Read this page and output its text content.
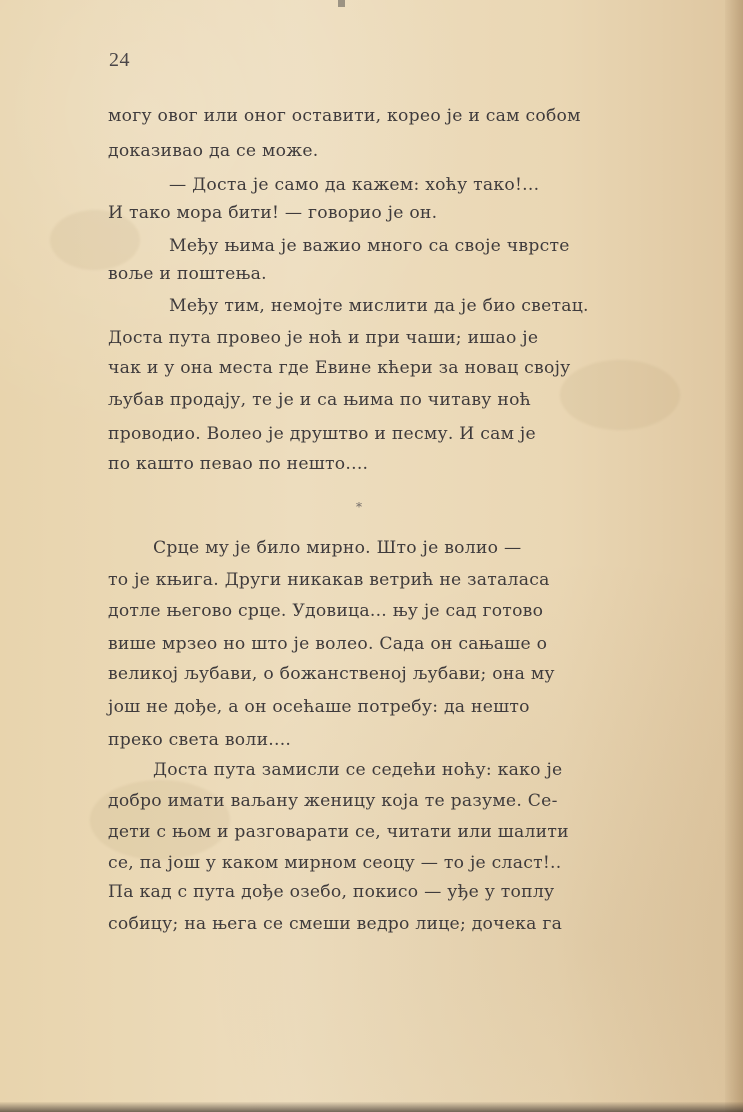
24
могу овог или оног оставити, кореo је и сам собом
доказивао да се може.
— Доста је само да кажем: хоћу тако!...
И тако мора бити! — говорио је он.
Међу њима је важио много са своје чврсте
воље и поштења.
Међу тим, немојте мислити да је био светац.
Доста пута провео је ноћ и при чаши; ишао је
чак и у она места где Евине кћери за новац своју
љубав продају, те је и са њима по читаву ноћ
проводио. Волео је друштво и песму. И сам је
по кашто певао по нешто....
*
Срце му је било мирно. Што је волио —
то је књига. Други никакав ветрић не заталаса
дотле његово срце. Удовица... њу је сад готово
више мрзео но што је волео. Сада он сањаше о
великој љубави, о божанственој љубави; она му
још не дође, а он осећаше потребу: да нешто
преко света воли....
Доста пута замисли се седећи ноћу: како је
добро имати ваљану женицу која те разуме. Се-
дети с њом и разговарати се, читати или шалити
се, па још у каком мирном сеоцу — то је сласт!..
Па кад с пута дође озебо, покисо — уђе у топлу
собицу; на њега се смеши ведро лице; дочека га
